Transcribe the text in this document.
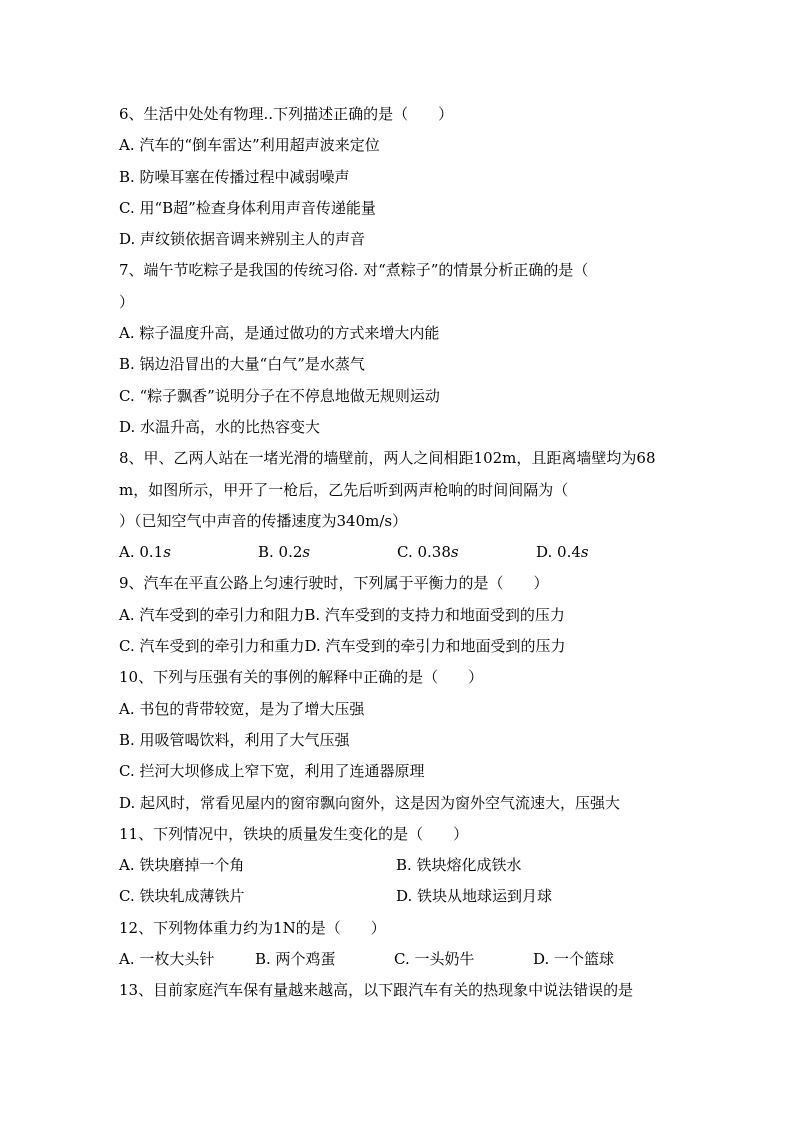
6、生活中处处有物理..下列描述正确的是（　　）
A. 汽车的“倒车雷达”利用超声波来定位
B. 防噪耳塞在传播过程中减弱噪声
C. 用“B超”检查身体利用声音传递能量
D. 声纹锁依据音调来辨别主人的声音
7、端午节吃粽子是我国的传统习俗. 对“煮粽子”的情景分析正确的是（
）
A. 粽子温度升高，是通过做功的方式来增大内能
B. 锅边沿冒出的大量“白气”是水蒸气
C. “粽子飘香”说明分子在不停息地做无规则运动
D. 水温升高，水的比热容变大
8、甲、乙两人站在一堵光滑的墙壁前，两人之间相距102m，且距离墙壁均为68
m，如图所示，甲开了一枪后，乙先后听到两声枪响的时间间隔为（
）（已知空气中声音的传播速度为340m/s）
A. 0.1s	B. 0.2s	C. 0.38s	D. 0.4s
9、汽车在平直公路上匀速行驶时，下列属于平衡力的是（　　）
A. 汽车受到的牵引力和阻力B. 汽车受到的支持力和地面受到的压力
C. 汽车受到的牵引力和重力D. 汽车受到的牵引力和地面受到的压力
10、下列与压强有关的事例的解释中正确的是（　　）
A. 书包的背带较宽，是为了增大压强
B. 用吸管喝饮料，利用了大气压强
C. 拦河大坝修成上窄下宽，利用了连通器原理
D. 起风时，常看见屋内的窗帘飘向窗外，这是因为窗外空气流速大，压强大
11、下列情况中，铁块的质量发生变化的是（　　）
A. 铁块磨掉一个角	B. 铁块熔化成铁水
C. 铁块轧成薄铁片	D. 铁块从地球运到月球
12、下列物体重力约为1N的是（　　）
A. 一枚大头针	B. 两个鸡蛋	C. 一头奶牛	D. 一个篮球
13、目前家庭汽车保有量越来越高，以下跟汽车有关的热现象中说法错误的是
